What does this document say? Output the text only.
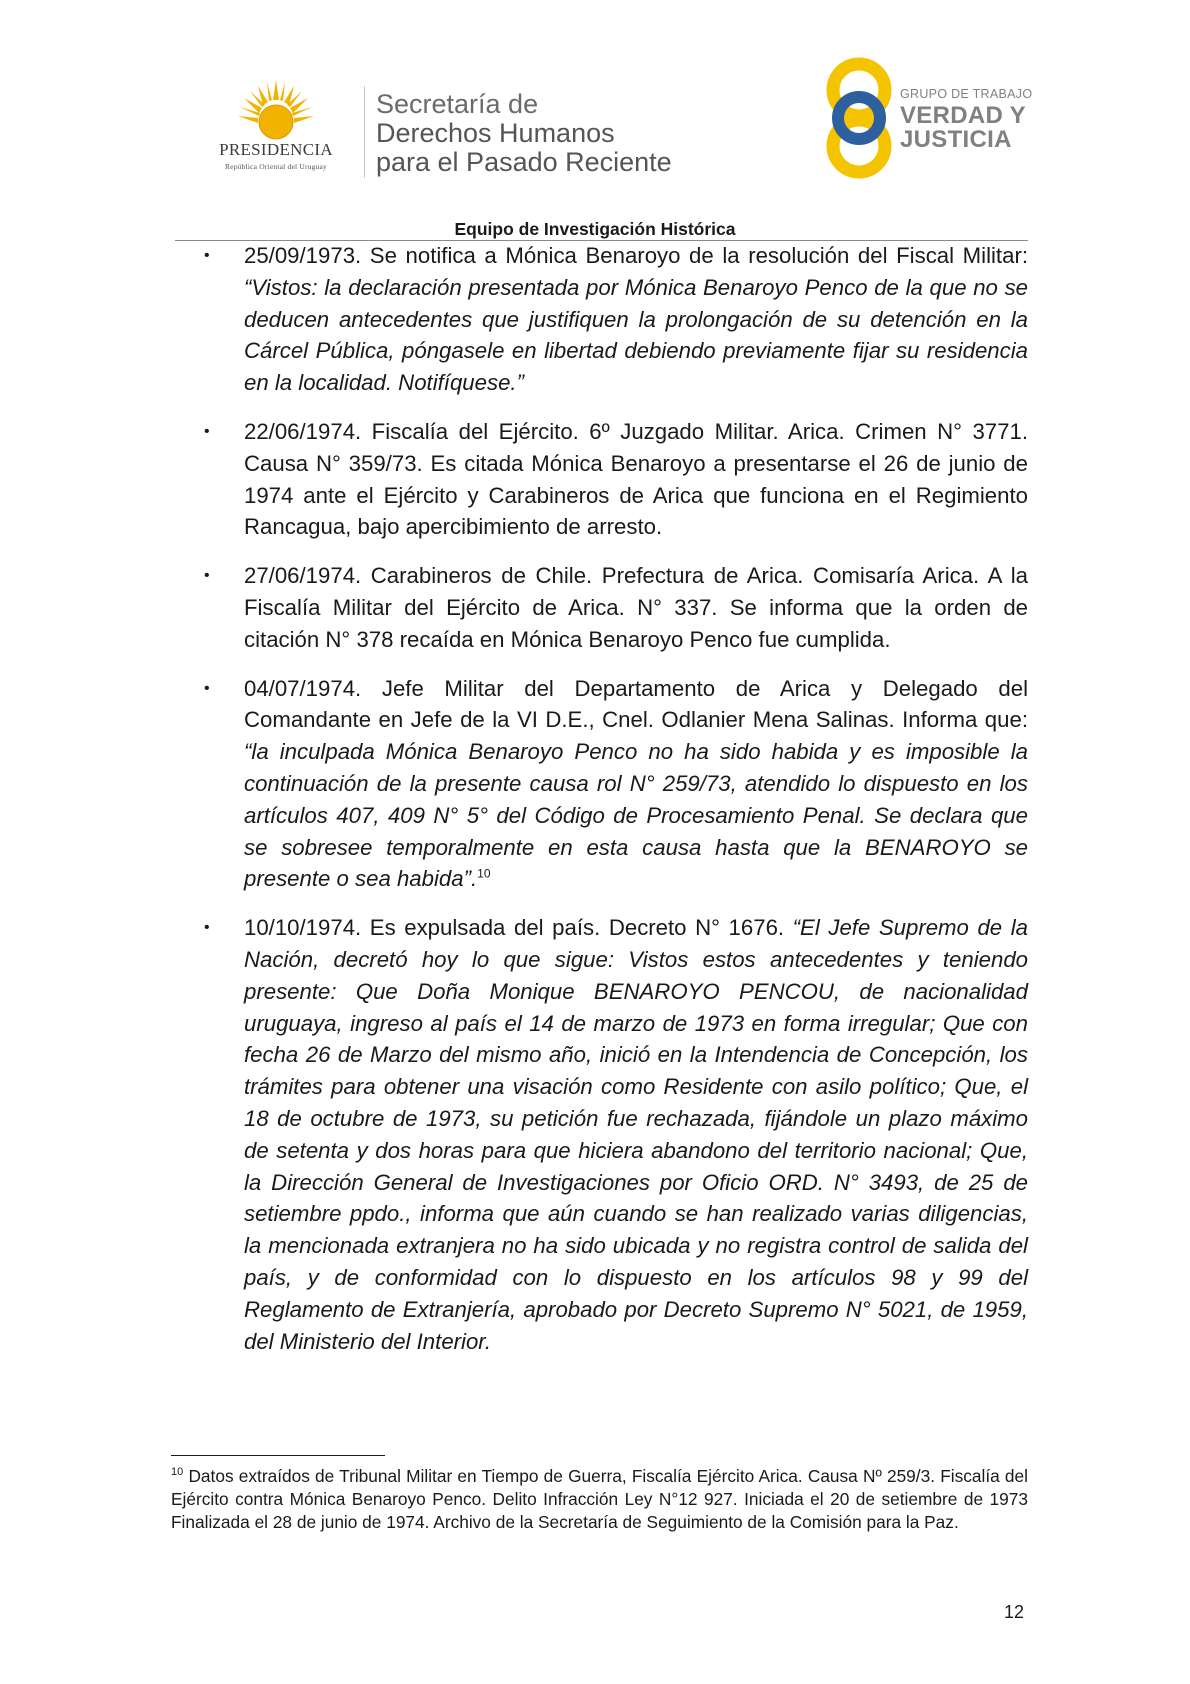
PRESIDENCIA
República Oriental del Uruguay
Secretaría de
Derechos Humanos
para el Pasado Reciente
GRUPO DE TRABAJO
VERDAD Y
JUSTICIA
Equipo de Investigación Histórica
• 25/09/1973. Se notifica a Mónica Benaroyo de la resolución del Fiscal Militar: “Vistos: la declaración presentada por Mónica Benaroyo Penco de la que no se deducen antecedentes que justifiquen la prolongación de su detención en la Cárcel Pública, póngasele en libertad debiendo previamente fijar su residencia en la localidad. Notifíquese.”
• 22/06/1974. Fiscalía del Ejército. 6º Juzgado Militar. Arica. Crimen N° 3771. Causa N° 359/73. Es citada Mónica Benaroyo a presentarse el 26 de junio de 1974 ante el Ejército y Carabineros de Arica que funciona en el Regimiento Rancagua, bajo apercibimiento de arresto.
• 27/06/1974. Carabineros de Chile. Prefectura de Arica. Comisaría Arica. A la Fiscalía Militar del Ejército de Arica. N° 337. Se informa que la orden de citación N° 378 recaída en Mónica Benaroyo Penco fue cumplida.
• 04/07/1974. Jefe Militar del Departamento de Arica y Delegado del Comandante en Jefe de la VI D.E., Cnel. Odlanier Mena Salinas. Informa que: “la inculpada Mónica Benaroyo Penco no ha sido habida y es imposible la continuación de la presente causa rol N° 259/73, atendido lo dispuesto en los artículos 407, 409 N° 5° del Código de Procesamiento Penal. Se declara que se sobresee temporalmente en esta causa hasta que la BENAROYO se presente o sea habida”.$^{10}$
• 10/10/1974. Es expulsada del país. Decreto N° 1676. “El Jefe Supremo de la Nación, decretó hoy lo que sigue: Vistos estos antecedentes y teniendo presente: Que Doña Monique BENAROYO PENCOU, de nacionalidad uruguaya, ingreso al país el 14 de marzo de 1973 en forma irregular; Que con fecha 26 de Marzo del mismo año, inició en la Intendencia de Concepción, los trámites para obtener una visación como Residente con asilo político; Que, el 18 de octubre de 1973, su petición fue rechazada, fijándole un plazo máximo de setenta y dos horas para que hiciera abandono del territorio nacional; Que, la Dirección General de Investigaciones por Oficio ORD. N° 3493, de 25 de setiembre ppdo., informa que aún cuando se han realizado varias diligencias, la mencionada extranjera no ha sido ubicada y no registra control de salida del país, y de conformidad con lo dispuesto en los artículos 98 y 99 del Reglamento de Extranjería, aprobado por Decreto Supremo N° 5021, de 1959, del Ministerio del Interior.
$^{10}$ Datos extraídos de Tribunal Militar en Tiempo de Guerra, Fiscalía Ejército Arica. Causa Nº 259/3. Fiscalía del Ejército contra Mónica Benaroyo Penco. Delito Infracción Ley N°12 927. Iniciada el 20 de setiembre de 1973 Finalizada el 28 de junio de 1974. Archivo de la Secretaría de Seguimiento de la Comisión para la Paz.
12
